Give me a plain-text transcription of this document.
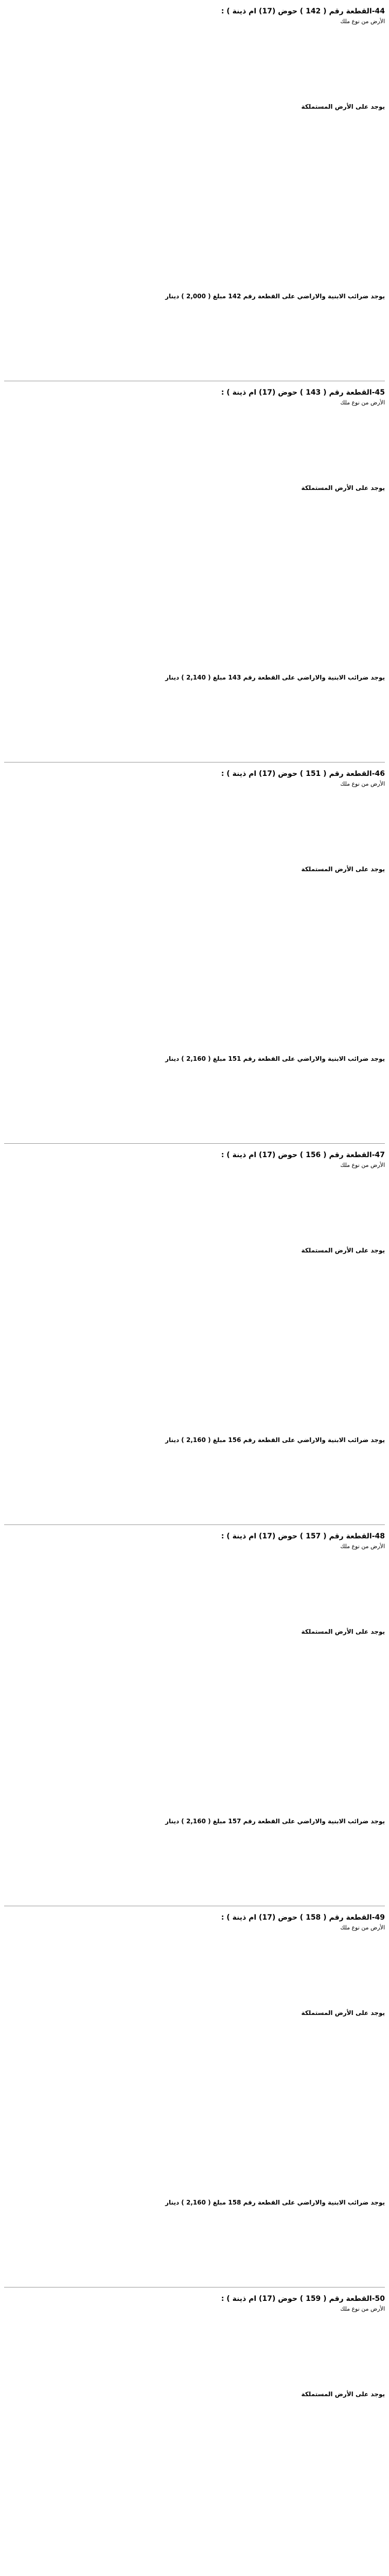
44-القطعة رقم ( 142 ) حوض (17) ام ذينة ) :
الأرض من نوع ملك
يوجد على الأرض المستملكة
يوجد ضرائب الابنية والاراضي على القطعة رقم 142 مبلغ ( 2,000 ) دينار
45-القطعة رقم ( 143 ) حوض (17) ام ذينة ) :
الأرض من نوع ملك
يوجد على الأرض المستملكة
يوجد ضرائب الابنية والاراضي على القطعة رقم 143 مبلغ ( 2,140 ) دينار
46-القطعة رقم ( 151 ) حوض (17) ام ذينة ) :
الأرض من نوع ملك
يوجد على الأرض المستملكة
يوجد ضرائب الابنية والاراضي على القطعة رقم 151 مبلغ ( 2,160 ) دينار
47-القطعة رقم ( 156 ) حوض (17) ام ذينة ) :
الأرض من نوع ملك
يوجد على الأرض المستملكة
يوجد ضرائب الابنية والاراضي على القطعة رقم 156 مبلغ ( 2,160 ) دينار
48-القطعة رقم ( 157 ) حوض (17) ام ذينة ) :
الأرض من نوع ملك
يوجد على الأرض المستملكة
يوجد ضرائب الابنية والاراضي على القطعة رقم 157 مبلغ ( 2,160 ) دينار
49-القطعة رقم ( 158 ) حوض (17) ام ذينة ) :
الأرض من نوع ملك
يوجد على الأرض المستملكة
يوجد ضرائب الابنية والاراضي على القطعة رقم 158 مبلغ ( 2,160 ) دينار
50-القطعة رقم ( 159 ) حوض (17) ام ذينة ) :
الأرض من نوع ملك
يوجد على الأرض المستملكة
